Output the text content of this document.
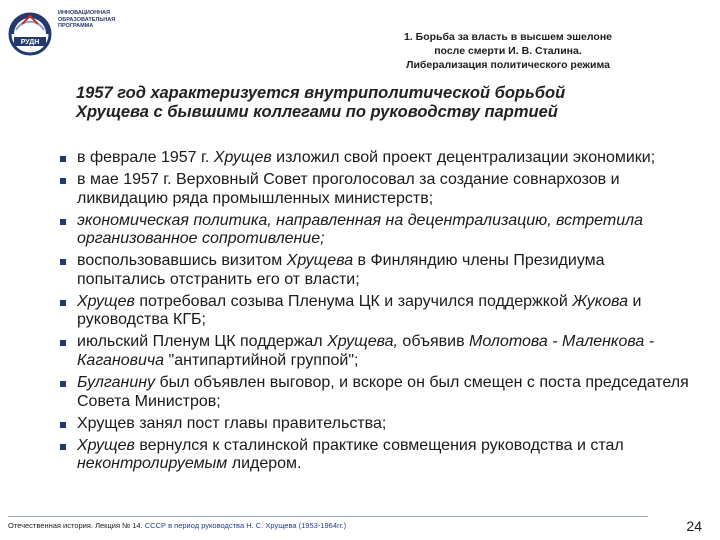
РУДН
ИННОВАЦИОННАЯ
ОБРАЗОВАТЕЛЬНАЯ
ПРОГРАММА
1. Борьба за власть в высшем эшелоне
после смерти И. В. Сталина.
Либерализация политического режима
1957 год характеризуется внутриполитической борьбой
Хрущева с бывшими коллегами по руководству партией
в феврале 1957 г. Хрущев изложил свой проект децентрализации экономики;
в мае 1957 г. Верховный Совет проголосовал за создание совнархозов и ликвидацию ряда промышленных министерств;
экономическая политика, направленная на децентрализацию, встретила организованное сопротивление;
воспользовавшись визитом Хрущева в Финляндию члены Президиума попытались отстранить его от власти;
Хрущев потребовал созыва Пленума ЦК и заручился поддержкой Жукова и руководства КГБ;
июльский Пленум ЦК поддержал Хрущева, объявив Молотова - Маленкова - Кагановича "антипартийной группой";
Булганину был объявлен выговор, и вскоре он был смещен с поста председателя Совета Министров;
Хрущев занял пост главы правительства;
Хрущев вернулся к сталинской практике совмещения руководства и стал неконтролируемым лидером.
Отечественная история. Лекция № 14. СССР в период руководства Н. С. Хрущева (1953-1964гг.)	24
